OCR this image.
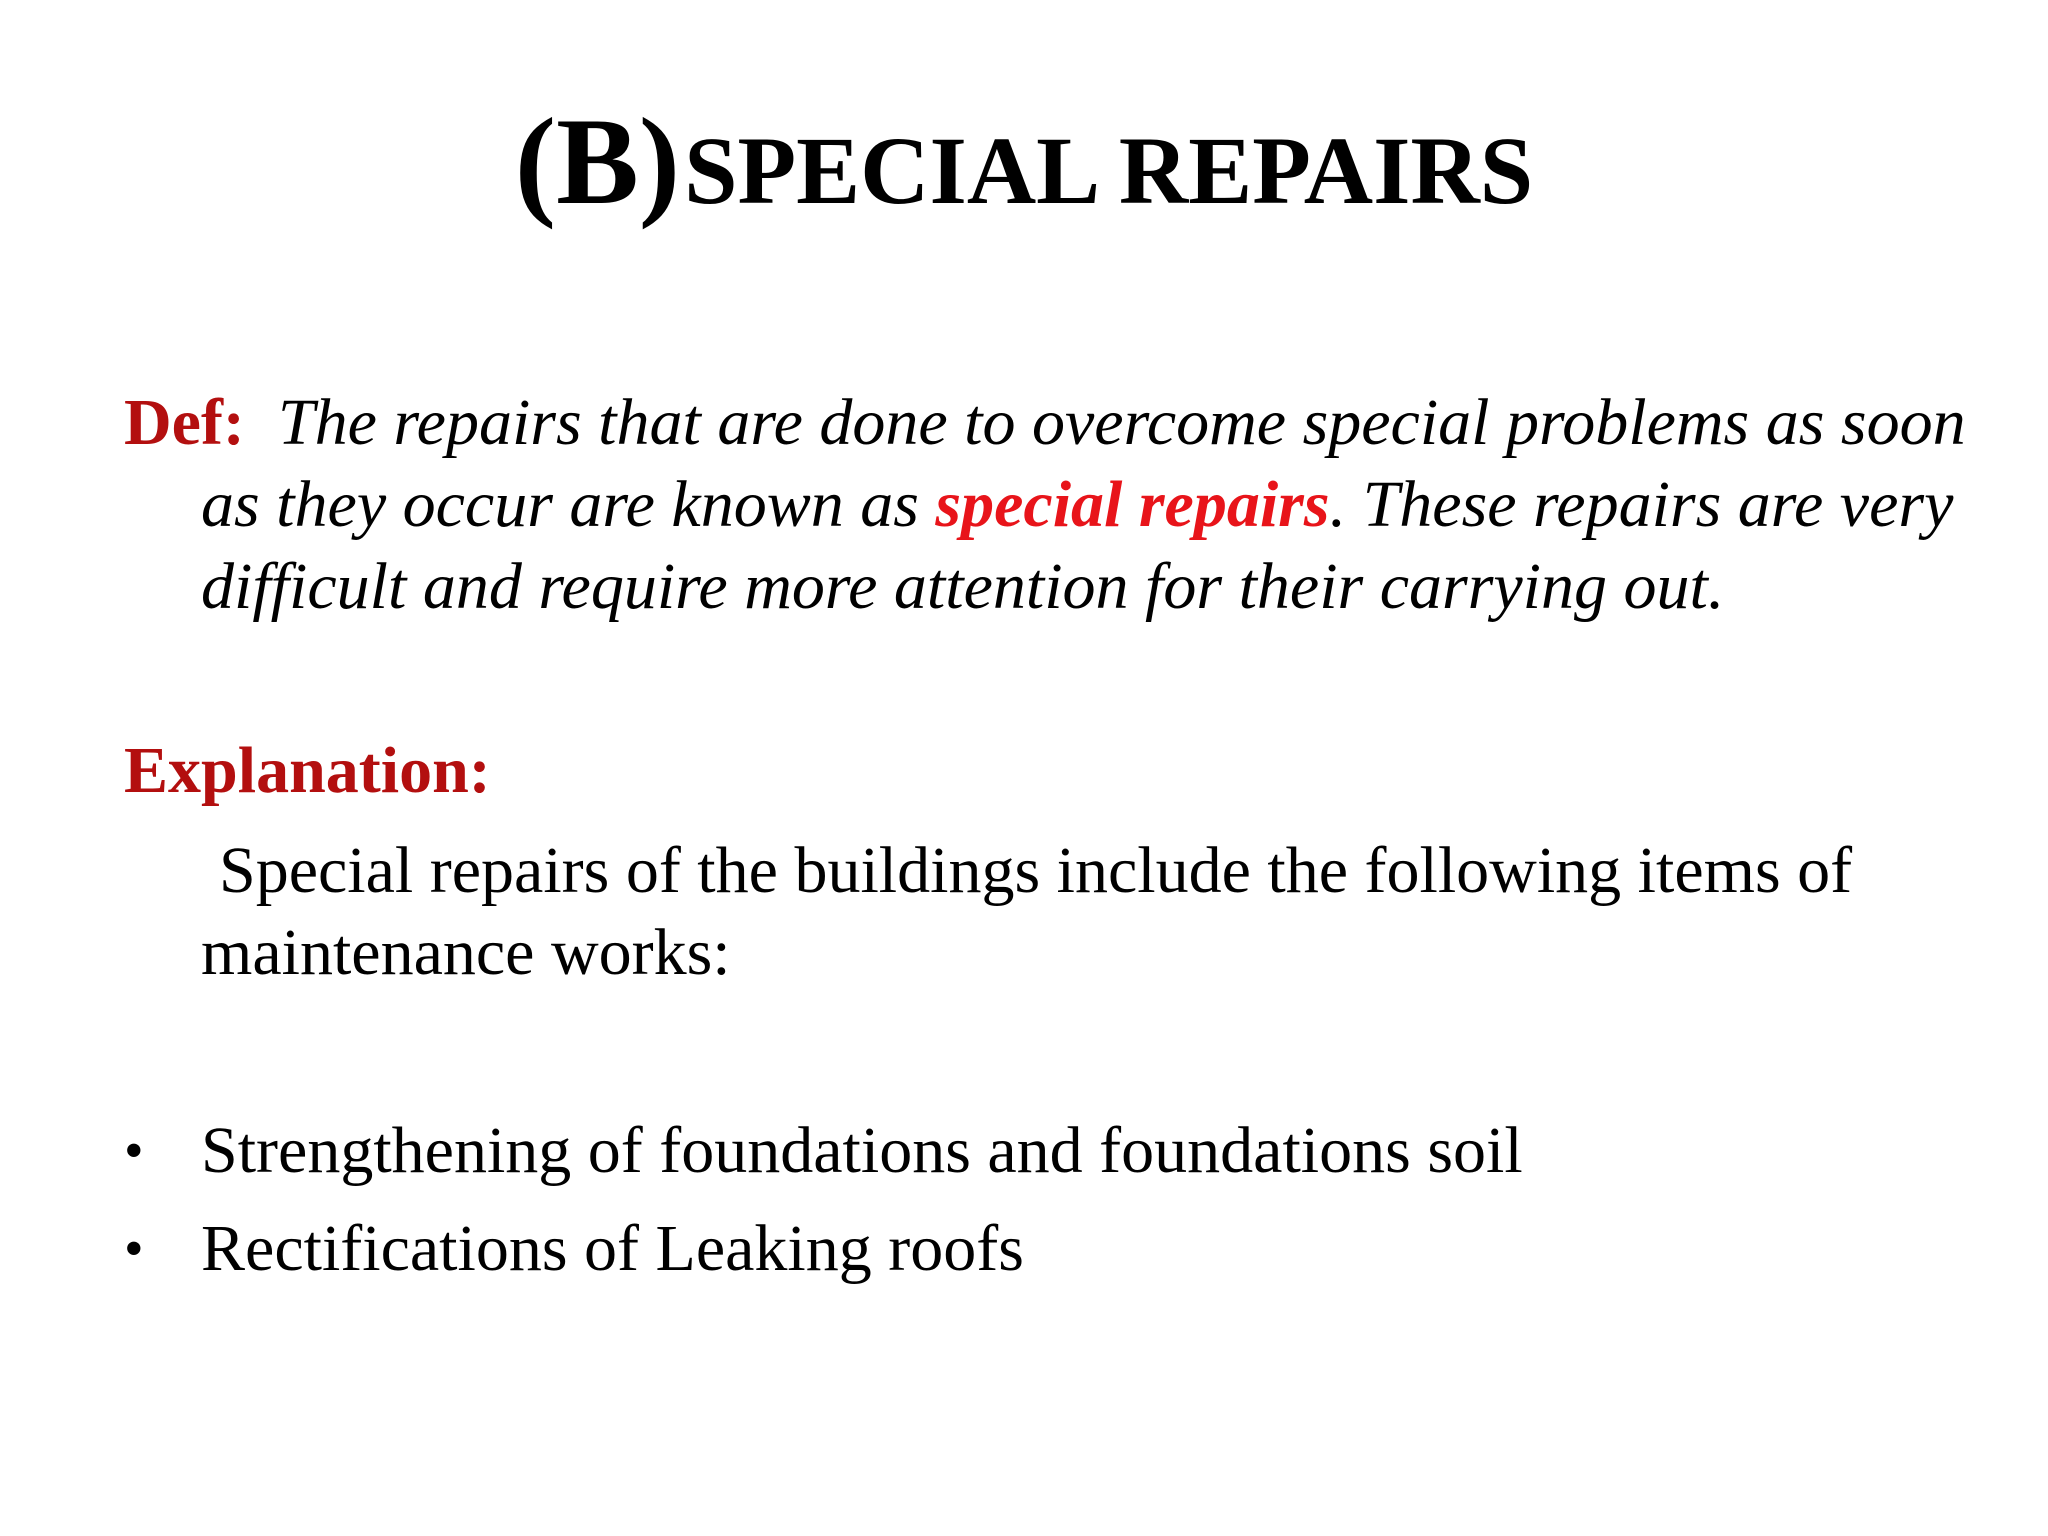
(B) SPECIAL REPAIRS
Def: The repairs that are done to overcome special problems as soon as they occur are known as special repairs. These repairs are very difficult and require more attention for their carrying out.
Explanation:
Special repairs of the buildings include the following items of maintenance works:
• Strengthening of foundations and foundations soil
• Rectifications of Leaking roofs
